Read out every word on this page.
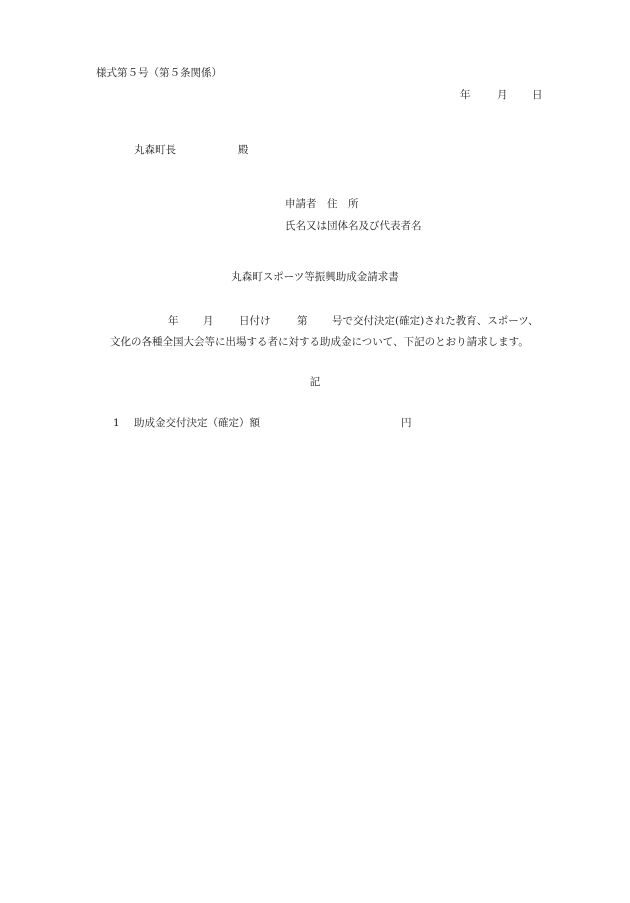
様式第５号（第５条関係）
年	月 日
丸森町長	殿
申請者　住　所
氏名又は団体名及び代表者名
丸森町スポーツ等振興助成金請求書
年 月 日付け	第 号で交付決定(確定)された教育、スポーツ、
文化の各種全国大会等に出場する者に対する助成金について、下記のとおり請求します。
記
1 助成金交付決定（確定）額	円
